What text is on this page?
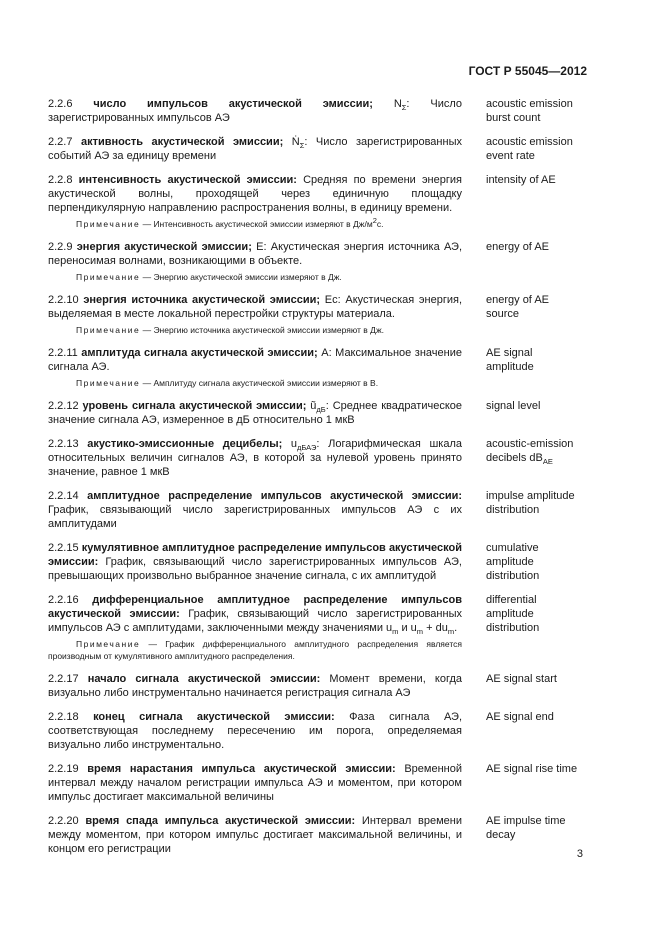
ГОСТ Р 55045—2012
2.2.6 число импульсов акустической эмиссии; $N_\Sigma$: Число зарегистрированных импульсов АЭ
acoustic emission
burst count
2.2.7 активность акустической эмиссии; Ṅ$_\Sigma$: Число зарегистрированных событий АЭ за единицу времени
acoustic emission
event rate
2.2.8 интенсивность акустической эмиссии: Средняя по времени энергия акустической волны, проходящей через единичную площадку перпендикулярную направлению распространения волны, в единицу времени.
Примечание — Интенсивность акустической эмиссии измеряют в $Дж/м^2с$.
intensity of AE
2.2.9 энергия акустической эмиссии; E: Акустическая энергия источника АЭ, переносимая волнами, возникающими в объекте.
Примечание — Энергию акустической эмиссии измеряют в Дж.
energy of AE
2.2.10 энергия источника акустической эмиссии; Ec: Акустическая энергия, выделяемая в месте локальной перестройки структуры материала.
Примечание — Энергию источника акустической эмиссии измеряют в Дж.
energy of AE
source
2.2.11 амплитуда сигнала акустической эмиссии; A: Максимальное значение сигнала АЭ.
Примечание — Амплитуду сигнала акустической эмиссии измеряют в В.
AE signal
amplitude
2.2.12 уровень сигнала акустической эмиссии; $ũ_{дБ}$: Среднее квадратическое значение сигнала АЭ, измеренное в дБ относительно 1 мкВ
signal level
2.2.13 акустико-эмиссионные децибелы; $u_{дБАЭ}$: Логарифмическая шкала относительных величин сигналов АЭ, в которой за нулевой уровень принято значение, равное 1 мкВ
acoustic-emission
decibels $dB_{AE}$
2.2.14 амплитудное распределение импульсов акустической эмиссии: График, связывающий число зарегистрированных импульсов АЭ с их амплитудами
impulse amplitude
distribution
2.2.15 кумулятивное амплитудное распределение импульсов акустической эмиссии: График, связывающий число зарегистрированных импульсов АЭ, превышающих произвольно выбранное значение сигнала, с их амплитудой
cumulative
amplitude
distribution
2.2.16 дифференциальное амплитудное распределение импульсов акустической эмиссии: График, связывающий число зарегистрированных импульсов АЭ с амплитудами, заключенными между значениями $u_m$ и $u_m + du_m$.
Примечание — График дифференциального амплитудного распределения является производным от кумулятивного амплитудного распределения.
differential
amplitude
distribution
2.2.17 начало сигнала акустической эмиссии: Момент времени, когда визуально либо инструментально начинается регистрация сигнала АЭ
AE signal start
2.2.18 конец сигнала акустической эмиссии: Фаза сигнала АЭ, соответствующая последнему пересечению им порога, определяемая визуально либо инструментально.
AE signal end
2.2.19 время нарастания импульса акустической эмиссии: Временной интервал между началом регистрации импульса АЭ и моментом, при котором импульс достигает максимальной величины
AE signal rise time
2.2.20 время спада импульса акустической эмиссии: Интервал времени между моментом, при котором импульс достигает максимальной величины, и концом его регистрации
AE impulse time
decay
3
